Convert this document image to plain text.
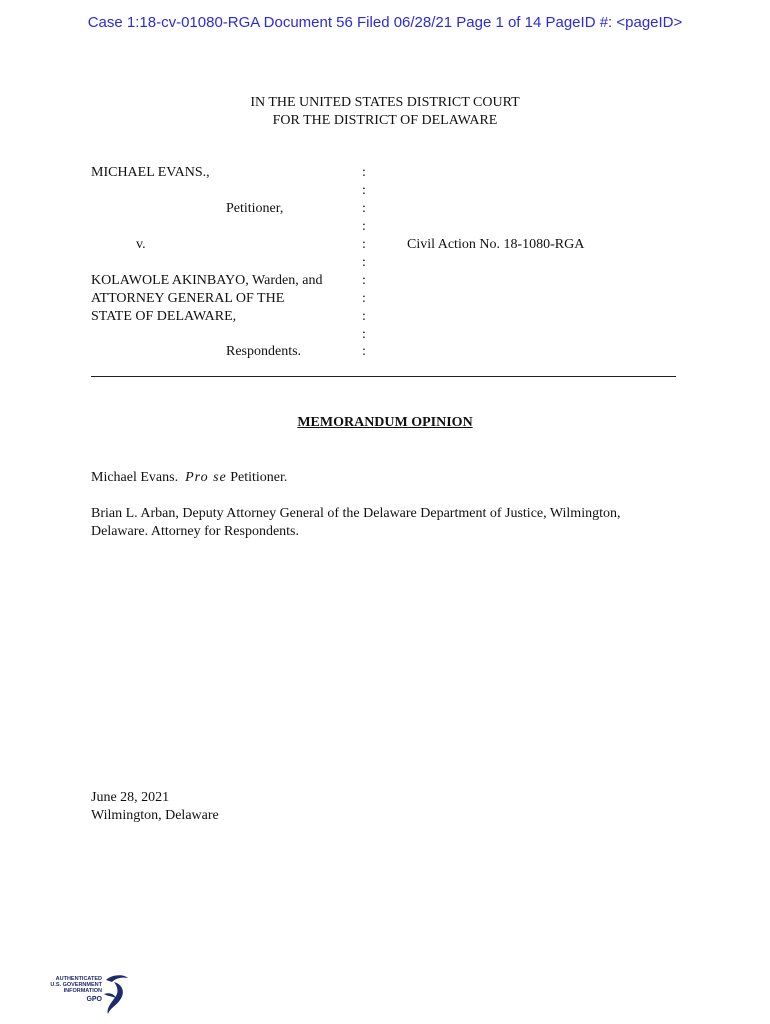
Case 1:18-cv-01080-RGA Document 56 Filed 06/28/21 Page 1 of 14 PageID #: <pageID>
IN THE UNITED STATES DISTRICT COURT
FOR THE DISTRICT OF DELAWARE
MICHAEL EVANS.,
Petitioner,
v.
KOLAWOLE AKINBAYO, Warden, and
ATTORNEY GENERAL OF THE
STATE OF DELAWARE,
Respondents.
:
:
:
:
:
:
:
:
:
:
:
Civil Action No. 18-1080-RGA
MEMORANDUM OPINION
Michael Evans. Pro se Petitioner.
Brian L. Arban, Deputy Attorney General of the Delaware Department of Justice, Wilmington, Delaware. Attorney for Respondents.
June 28, 2021
Wilmington, Delaware
AUTHENTICATED
U.S. GOVERNMENT
INFORMATION
GPO
